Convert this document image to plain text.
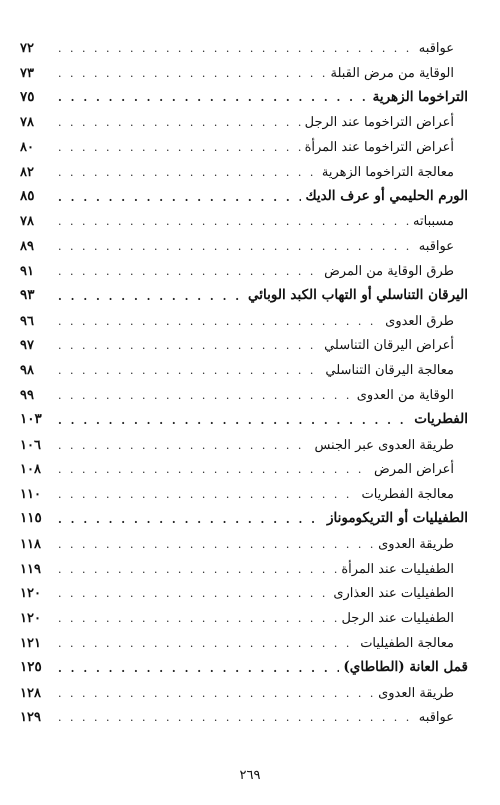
عواقبه
. . .
٧٢
الوقاية من مرض القبلة
. . .
٧٣
التراخوما الزهرية
. . .
٧٥
أعراض التراخوما عند الرجل
. . .
٧٨
أعراض التراخوما عند المرأة
. . .
٨٠
معالجة التراخوما الزهرية
. . .
٨٢
الورم الحليمي أو عرف الديك
. . .
٨٥
مسبباته
. . .
٧٨
عواقبه
. . .
٨٩
طرق الوقاية من المرض
. . .
٩١
اليرقان التناسلي أو التهاب الكبد الوبائي
. . .
٩٣
طرق العدوى
. . .
٩٦
أعراض اليرقان التناسلي
. . .
٩٧
معالجة اليرقان التناسلي
. . .
٩٨
الوقاية من العدوى
. . .
٩٩
الفطريات
. . .
١٠٣
طريقة العدوى عبر الجنس
. . .
١٠٦
أعراض المرض
. . .
١٠٨
معالجة الفطريات
. . .
١١٠
الطفيليات أو التريكوموناز
. . .
١١٥
طريقة العدوى
. . .
١١٨
الطفيليات عند المرأة
. . .
١١٩
الطفيليات عند العذارى
. . .
١٢٠
الطفيليات عند الرجل
. . .
١٢٠
معالجة الطفيليات
. . .
١٢١
قمل العانة (الطاطاي)
. . .
١٢٥
طريقة العدوى
. . .
١٢٨
عواقبه
. . .
١٢٩
٢٦٩
